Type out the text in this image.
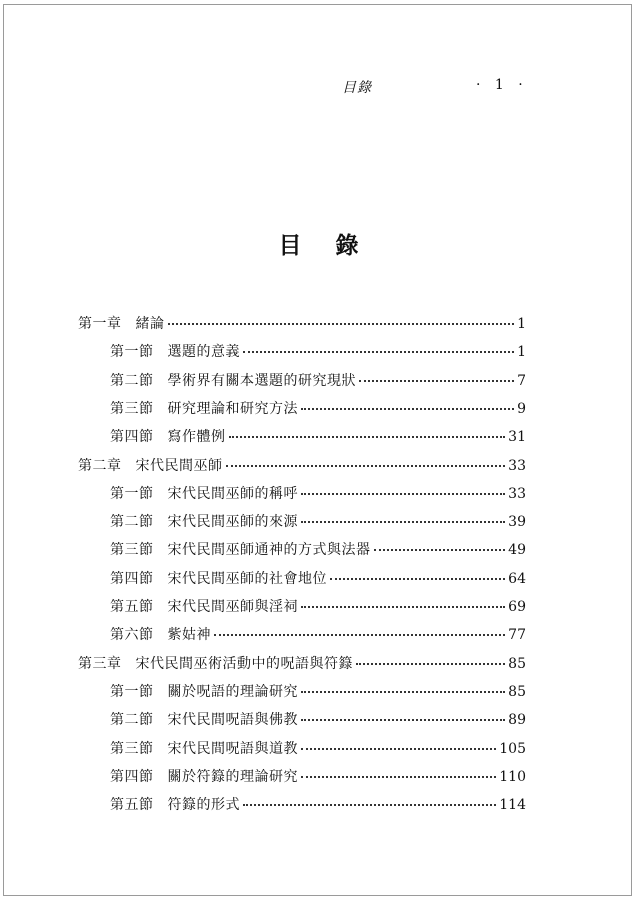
目錄	· 1 ·
目錄
第一章 緒論	1
第一節 選題的意義	1
第二節 學術界有關本選題的研究現狀	7
第三節 研究理論和研究方法	9
第四節 寫作體例	31
第二章 宋代民間巫師	33
第一節 宋代民間巫師的稱呼	33
第二節 宋代民間巫師的來源	39
第三節 宋代民間巫師通神的方式與法器	49
第四節 宋代民間巫師的社會地位	64
第五節 宋代民間巫師與淫祠	69
第六節 紫姑神	77
第三章 宋代民間巫術活動中的呪語與符籙	85
第一節 關於呪語的理論研究	85
第二節 宋代民間呪語與佛教	89
第三節 宋代民間呪語與道教	105
第四節 關於符籙的理論研究	110
第五節 符籙的形式	114
